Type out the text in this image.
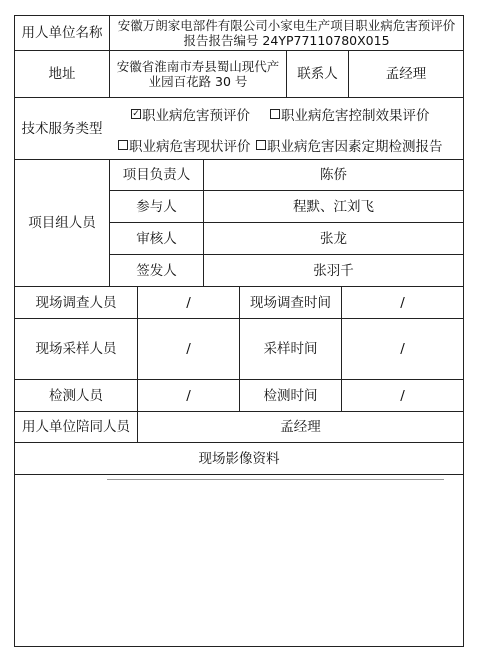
用人单位名称	安徽万朗家电部件有限公司小家电生产项目职业病危害预评价报告报告编号 24YP77110780X015
地址	安徽省淮南市寿县蜀山现代产业园百花路 30 号	联系人	孟经理
技术服务类型
✓ 职业病危害预评价 职业病危害控制效果评价
职业病危害现状评价 职业病危害因素定期检测报告
项目组人员
项目负责人	陈侨
参与人	程默、江刘飞
审核人	张龙
签发人	张羽千
现场调查人员	/	现场调查时间	/
现场采样人员	/	采样时间	/
检测人员	/	检测时间	/
用人单位陪同人员	孟经理
现场影像资料
